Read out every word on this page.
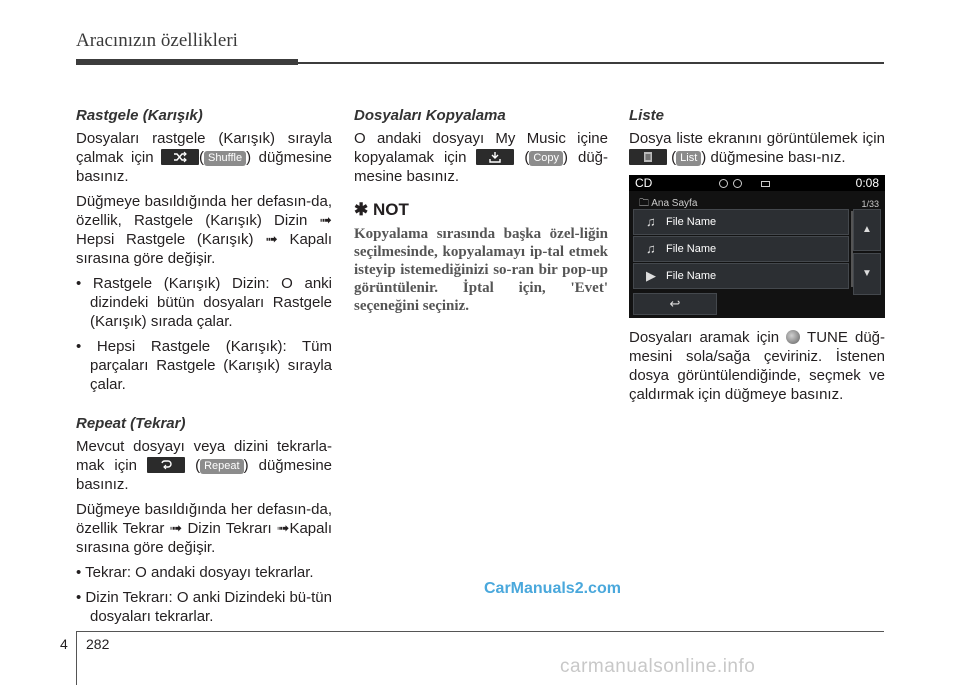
Aracınızın özellikleri
Rastgele (Karışık)

Dosyaları rastgele (Karışık) sırayla çalmak için	( Shuffle ) düğmesine basınız.

Düğmeye basıldığında her defasın-da, özellik, Rastgele (Karışık) Dizin ➟ Hepsi Rastgele (Karışık) ➟ Kapalı sırasına göre değişir.

• Rastgele (Karışık) Dizin: O anki dizindeki bütün dosyaları Rastgele (Karışık) sırada çalar.

• Hepsi Rastgele (Karışık): Tüm parçaları Rastgele (Karışık) sırayla çalar.

Repeat (Tekrar)

Mevcut dosyayı veya dizini tekrarla-mak için	( Repeat ) düğmesine basınız.

Düğmeye basıldığında her defasın-da, özellik Tekrar ➟ Dizin Tekrarı ➟Kapalı sırasına göre değişir.

• Tekrar: O andaki dosyayı tekrarlar.

• Dizin Tekrarı: O anki Dizindeki bü-tün dosyaları tekrarlar.

Dosyaları Kopyalama

O andaki dosyayı My Music içine kopyalamak için	( Copy ) düğ-mesine basınız.

✱ NOT
Kopyalama sırasında başka özel-liğin seçilmesinde, kopyalamayı ip-tal etmek isteyip istemediğinizi so-ran bir pop-up görüntülenir. İptal için, 'Evet' seçeneğini seçiniz.
Liste

Dosya liste ekranını görüntülemek için
( List ) düğmesine bası-nız.

CD	0:08
🗀 Ana Sayfa	1/33
♫ File Name
♫ File Name
▶ File Name
▲
▼
↩

Dosyaları aramak için TUNE düğ-mesini sola/sağa çeviriniz. İstenen dosya görüntülendiğinde, seçmek ve çaldırmak için düğmeye basınız.

CarManuals2.com
4 282
carmanualsonline.info
